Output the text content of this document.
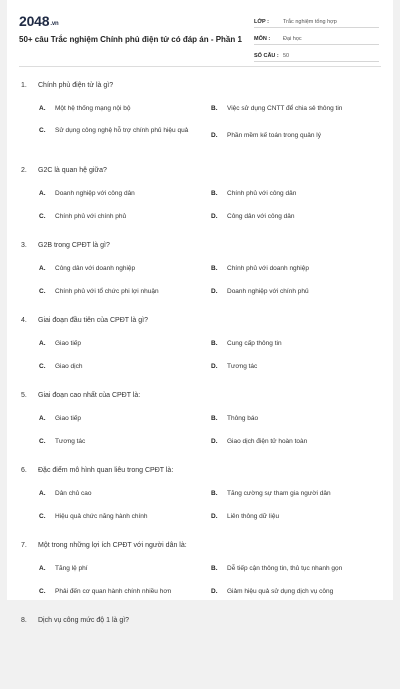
2048.vn
50+ câu Trắc nghiệm Chính phủ điện tử có đáp án - Phần 1
LỚP :	Trắc nghiệm tổng hợp
MÔN :	Đại học
SỐ CÂU : 50
1. Chính phủ điện tử là gì?
A.	Một hệ thống mạng nội bộ	B.	Việc sử dụng CNTT để chia sẻ thông tin
C.	Sử dụng công nghệ hỗ trợ chính phủ hiệu quả
D.	Phần mềm kế toán trong quản lý
2. G2C là quan hệ giữa?
A.	Doanh nghiệp với công dân	B.	Chính phủ với công dân
C.	Chính phủ với chính phủ	D.	Công dân với công dân
3. G2B trong CPĐT là gì?
A.	Công dân với doanh nghiệp	B.	Chính phủ với doanh nghiệp
C.	Chính phủ với tổ chức phi lợi nhuận	D.	Doanh nghiệp với chính phủ
4. Giai đoạn đầu tiên của CPĐT là gì?
A.	Giao tiếp	B.	Cung cấp thông tin
C.	Giao dịch	D.	Tương tác
5. Giai đoạn cao nhất của CPĐT là:
A.	Giao tiếp	B.	Thông báo
C.	Tương tác	D.	Giao dịch điện tử hoàn toàn
6. Đặc điểm mô hình quan liêu trong CPĐT là:
A.	Dân chủ cao	B.	Tăng cường sự tham gia người dân
C.	Hiệu quả chức năng hành chính	D.	Liên thông dữ liệu
7. Một trong những lợi ích CPĐT với người dân là:
A.	Tăng lệ phí	B.	Dễ tiếp cận thông tin, thủ tục nhanh gọn
C.	Phải đến cơ quan hành chính nhiều hơn	D.	Giảm hiệu quả sử dụng dịch vụ công
8. Dịch vụ công mức độ 1 là gì?
